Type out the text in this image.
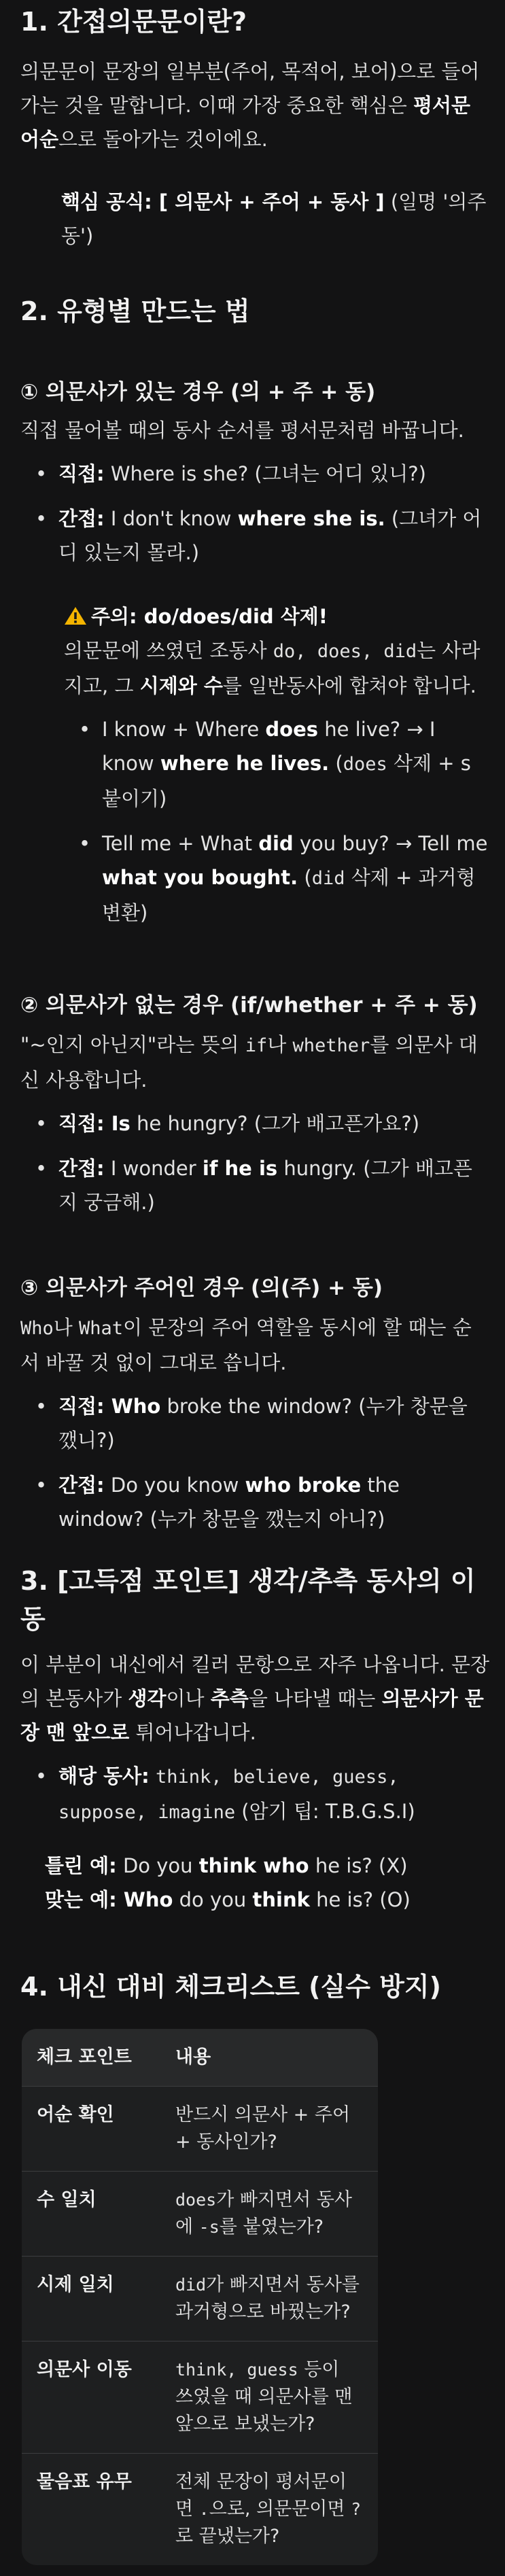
1. 간접의문문이란?

의문문이 문장의 일부분(주어, 목적어, 보어)으로 들어가는 것을 말합니다. 이때 가장 중요한 핵심은 평서문 어순으로 돌아가는 것이에요.

핵심 공식: [ 의문사 + 주어 + 동사 ] (일명 '의주동')

2. 유형별 만드는 법
① 의문사가 있는 경우 (의 + 주 + 동)

직접 물어볼 때의 동사 순서를 평서문처럼 바꿉니다.

• 직접: Where is she? (그녀는 어디 있니?)
• 간접: I don't know where she is. (그녀가 어디 있는지 몰라.)

주의: do/does/did 삭제!

의문문에 쓰였던 조동사 do, does, did는 사라지고, 그 시제와 수를 일반동사에 합쳐야 합니다.

• I know + Where does he live? → I know where he lives. (does 삭제 + s 붙이기)
• Tell me + What did you buy? → Tell me what you bought. (did 삭제 + 과거형 변환)
② 의문사가 없는 경우 (if/whether + 주 + 동)

"~인지 아닌지"라는 뜻의 if나 whether를 의문사 대신 사용합니다.

• 직접: Is he hungry? (그가 배고픈가요?)
• 간접: I wonder if he is hungry. (그가 배고픈지 궁금해.)
③ 의문사가 주어인 경우 (의(주) + 동)

Who나 What이 문장의 주어 역할을 동시에 할 때는 순서 바꿀 것 없이 그대로 씁니다.

• 직접: Who broke the window? (누가 창문을 깼니?)
• 간접: Do you know who broke the window? (누가 창문을 깼는지 아니?)
3. [고득점 포인트] 생각/추측 동사의 이동

이 부분이 내신에서 킬러 문항으로 자주 나옵니다. 문장의 본동사가 생각이나 추측을 나타낼 때는 의문사가 문장 맨 앞으로 튀어나갑니다.

• 해당 동사: think, believe, guess, suppose, imagine (암기 팁: T.B.G.S.I)

틀린 예: Do you think who he is? (X)

맞는 예: Who do you think he is? (O)

4. 내신 대비 체크리스트 (실수 방지)
체크 포인트	내용
어순 확인	반드시 의문사 + 주어 + 동사인가?
수 일치	does가 빠지면서 동사에 -s를 붙였는가?
시제 일치	did가 빠지면서 동사를 과거형으로 바꿨는가?
의문사 이동	think, guess 등이 쓰였을 때 의문사를 맨 앞으로 보냈는가?
물음표 유무	전체 문장이 평서문이면 .으로, 의문문이면 ?로 끝냈는가?
